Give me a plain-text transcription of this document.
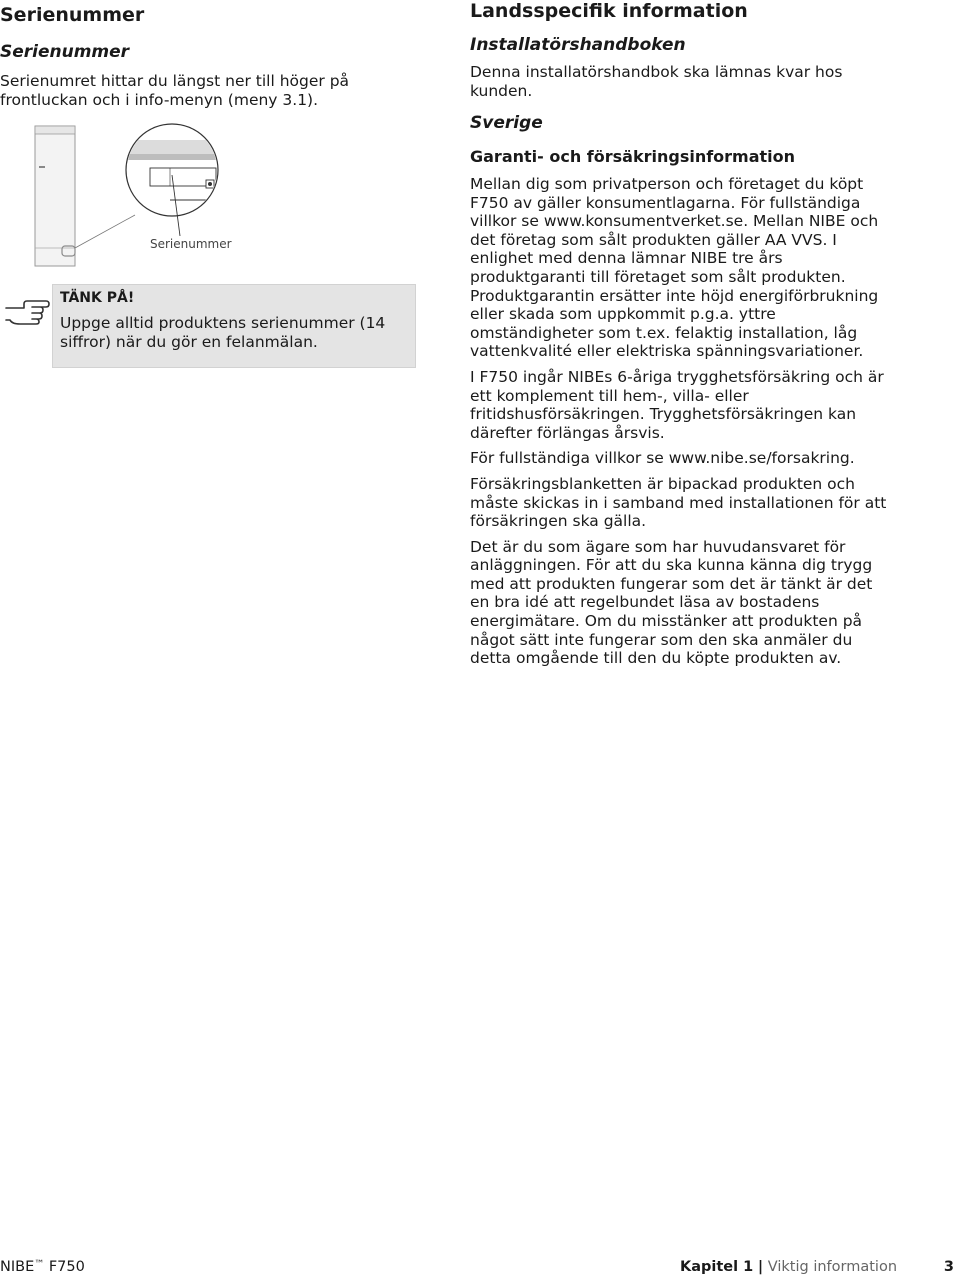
Serienummer
Serienummer
Serienumret hittar du längst ner till höger på frontluckan och i info-menyn (meny 3.1).
Serienummer
TÄNK PÅ!
Uppge alltid produktens serienummer (14 siffror) när du gör en felanmälan.
Landsspecifik information
Installatörshandboken
Denna installatörshandbok ska lämnas kvar hos kunden.
Sverige
Garanti- och försäkringsinformation

Mellan dig som privatperson och företaget du köpt F750 av gäller konsumentlagarna. För fullständiga villkor se www.konsumentverket.se. Mellan NIBE och det företag som sålt produkten gäller AA VVS. I enlighet med denna lämnar NIBE tre års produktgaranti till företaget som sålt produkten. Produktgarantin ersätter inte höjd energiförbrukning eller skada som uppkommit p.g.a. yttre omständigheter som t.ex. felaktig installation, låg vattenkvalité eller elektriska spänningsvariationer.

I F750 ingår NIBEs 6-åriga trygghetsförsäkring och är ett komplement till hem-, villa- eller fritidshusförsäkringen. Trygghetsförsäkringen kan därefter förlängas årsvis.

För fullständiga villkor se www.nibe.se/forsakring.

Försäkringsblanketten är bipackad produkten och måste skickas in i samband med installationen för att försäkringen ska gälla.

Det är du som ägare som har huvudansvaret för anläggningen. För att du ska kunna känna dig trygg med att produkten fungerar som det är tänkt är det en bra idé att regelbundet läsa av bostadens energimätare. Om du misstänker att produkten på något sätt inte fungerar som den ska anmäler du detta omgående till den du köpte produkten av.

NIBE™ F750	Kapitel 1 | Viktig information	3
